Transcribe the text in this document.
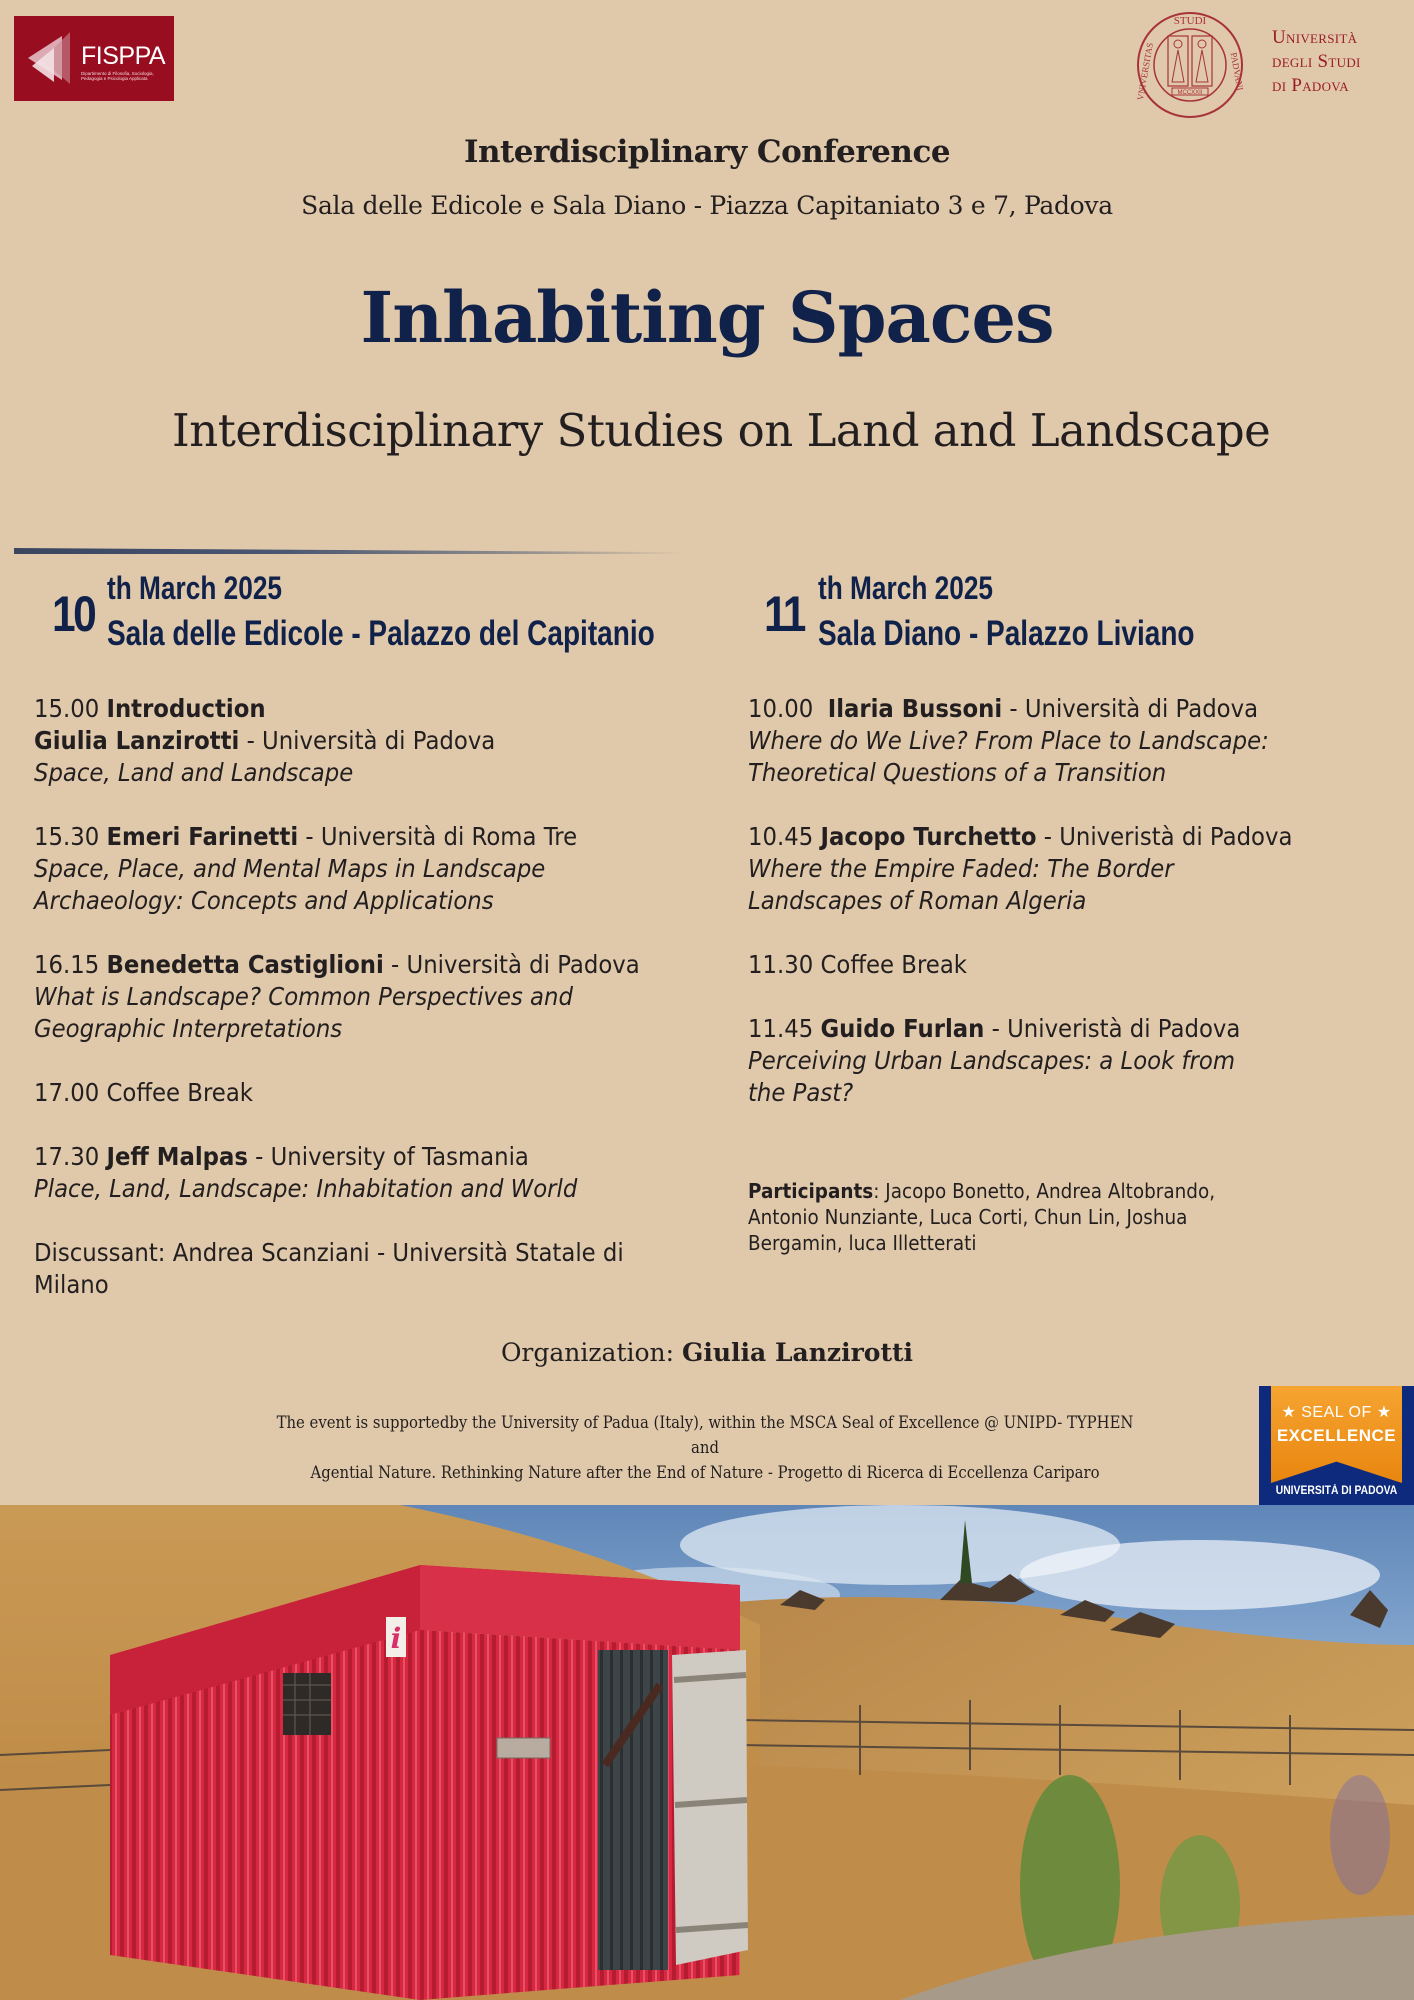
FISPPA
Dipartimento di Filosofia, Sociologia, Pedagogia e Psicologia Applicata
STUDI
VNIVERSITAS	PADVANI
MCCXXII
Università
degli Studi
di Padova
Interdisciplinary Conference
Sala delle Edicole e Sala Diano - Piazza Capitaniato 3 e 7, Padova
Inhabiting Spaces
Interdisciplinary Studies on Land and Landscape
10 th March 2025
Sala delle Edicole - Palazzo del Capitanio 11 th March 2025
Sala Diano - Palazzo Liviano
15.00 Introduction
Giulia Lanzirotti - Università di Padova
Space, Land and Landscape
15.30 Emeri Farinetti - Università di Roma Tre
Space, Place, and Mental Maps in Landscape Archaeology: Concepts and Applications
16.15 Benedetta Castiglioni - Università di Padova
What is Landscape? Common Perspectives and Geographic Interpretations
17.00 Coffee Break
17.30 Jeff Malpas - University of Tasmania
Place, Land, Landscape: Inhabitation and World
Discussant: Andrea Scanziani - Università Statale di Milano
10.00 Ilaria Bussoni - Università di Padova
Where do We Live? From Place to Landscape: Theoretical Questions of a Transition
10.45 Jacopo Turchetto - Univeristà di Padova
Where the Empire Faded: The Border Landscapes of Roman Algeria
11.30 Coffee Break
11.45 Guido Furlan - Univeristà di Padova
Perceiving Urban Landscapes: a Look from the Past?
Participants: Jacopo Bonetto, Andrea Altobrando, Antonio Nunziante, Luca Corti, Chun Lin, Joshua Bergamin, luca Illetterati
Organization: Giulia Lanzirotti
The event is supportedby the University of Padua (Italy), within the MSCA Seal of Excellence @ UNIPD- TYPHEN
and
Agential Nature. Rethinking Nature after the End of Nature - Progetto di Ricerca di Eccellenza Cariparo
★ SEAL OF ★
EXCELLENCE
UNIVERSITÀ DI PADOVA
i
